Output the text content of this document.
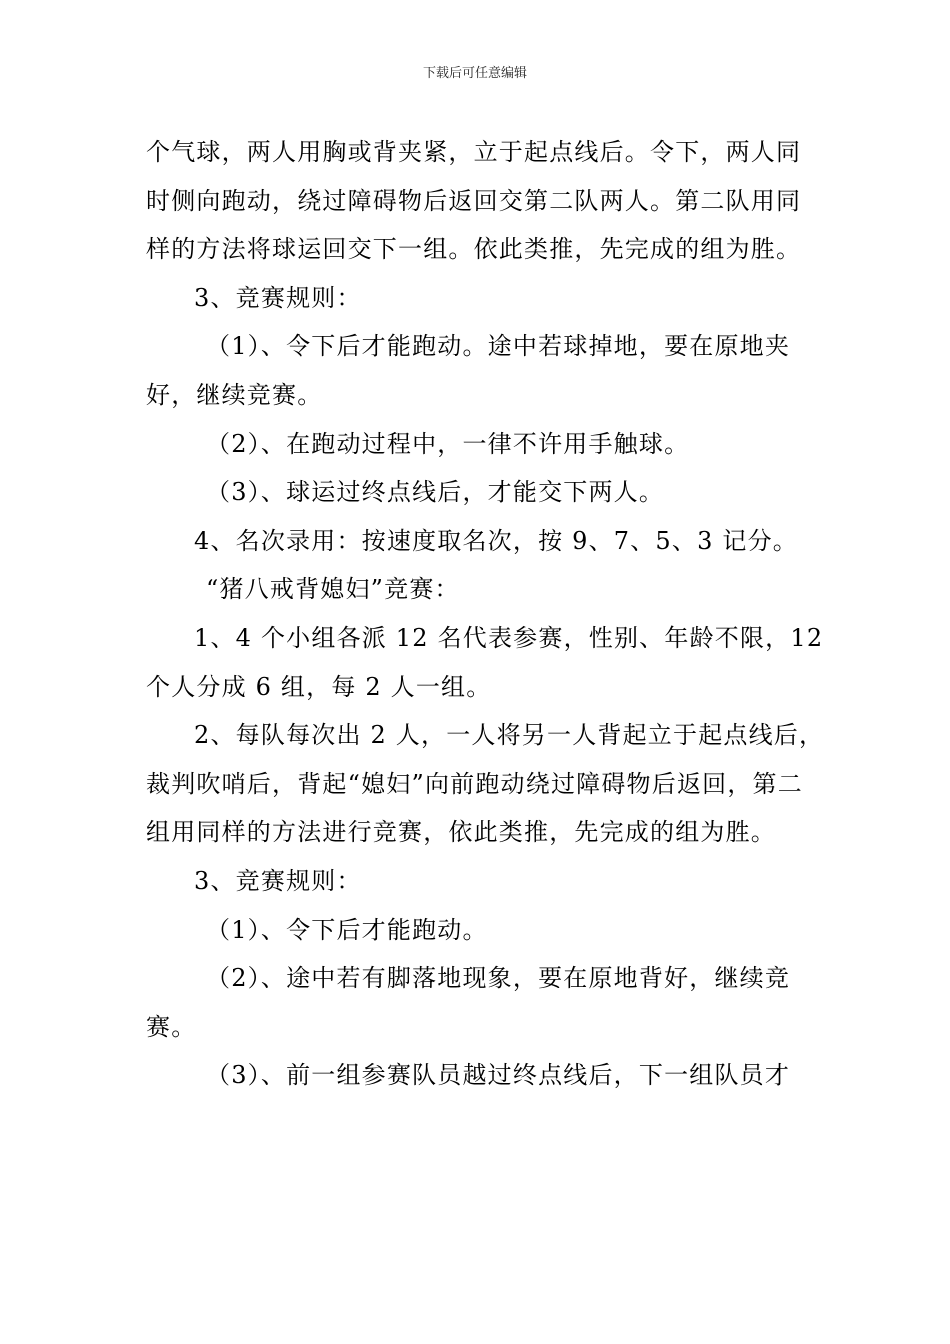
下载后可任意编辑

个气球，两人用胸或背夹紧，立于起点线后。令下，两人同时侧向跑动，绕过障碍物后返回交第二队两人。第二队用同样的方法将球运回交下一组。依此类推，先完成的组为胜。

3、竞赛规则：

（1）、令下后才能跑动。途中若球掉地，要在原地夹好，继续竞赛。

（2）、在跑动过程中，一律不许用手触球。

（3）、球运过终点线后，才能交下两人。

4、名次录用：按速度取名次，按 9、7、5、3 记分。

“猪八戒背媳妇”竞赛：

1、4 个小组各派 12 名代表参赛，性别、年龄不限，12 个人分成 6 组，每 2 人一组。

2、每队每次出 2 人，一人将另一人背起立于起点线后，裁判吹哨后，背起“媳妇”向前跑动绕过障碍物后返回，第二组用同样的方法进行竞赛，依此类推，先完成的组为胜。

3、竞赛规则：

（1）、令下后才能跑动。

（2）、途中若有脚落地现象，要在原地背好，继续竞赛。

（3）、前一组参赛队员越过终点线后，下一组队员才
